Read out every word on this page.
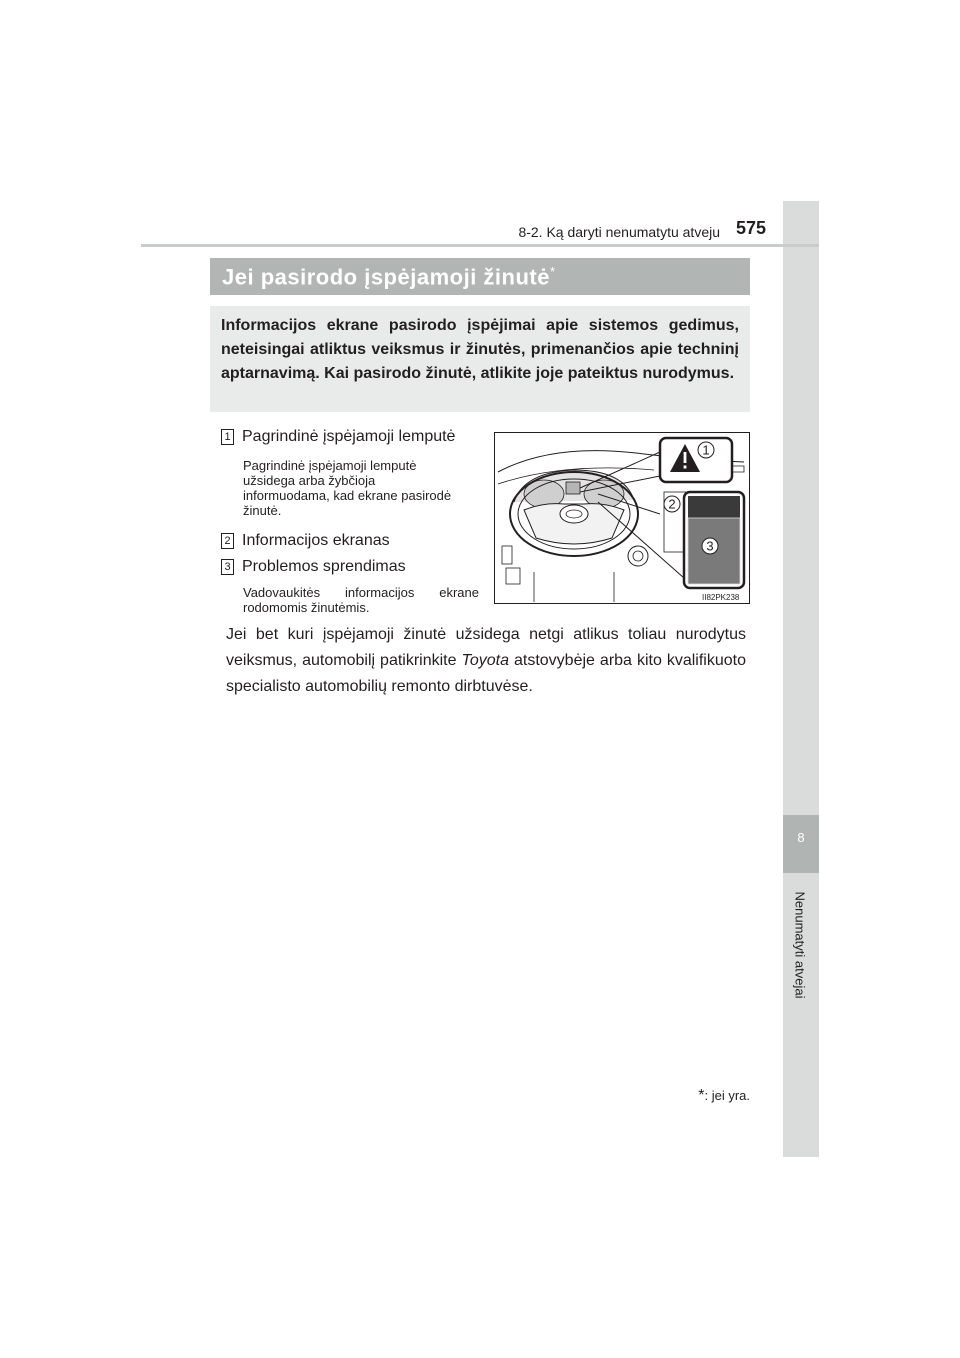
8
Nenumatyti atvejai
8-2. Ką daryti nenumatytu atveju 575
Jei pasirodo įspėjamoji žinutė*
Informacijos ekrane pasirodo įspėjimai apie sistemos gedimus, neteisingai atliktus veiksmus ir žinutės, primenančios apie techninį aptarnavimą. Kai pasirodo žinutė, atlikite joje pateiktus nurodymus.
1 Pagrindinė įspėjamoji lemputė
Pagrindinė įspėjamoji lemputė užsidega arba žybčioja informuodama, kad ekrane pasirodė žinutė.
2 Informacijos ekranas
3 Problemos sprendimas
Vadovaukitės informacijos ekrane rodomomis žinutėmis.
1
2
3
II82PK238
Jei bet kuri įspėjamoji žinutė užsidega netgi atlikus toliau nurodytus veiksmus, automobilį patikrinkite Toyota atstovybėje arba kito kvalifikuoto specialisto automobilių remonto dirbtuvėse.
*: jei yra.
